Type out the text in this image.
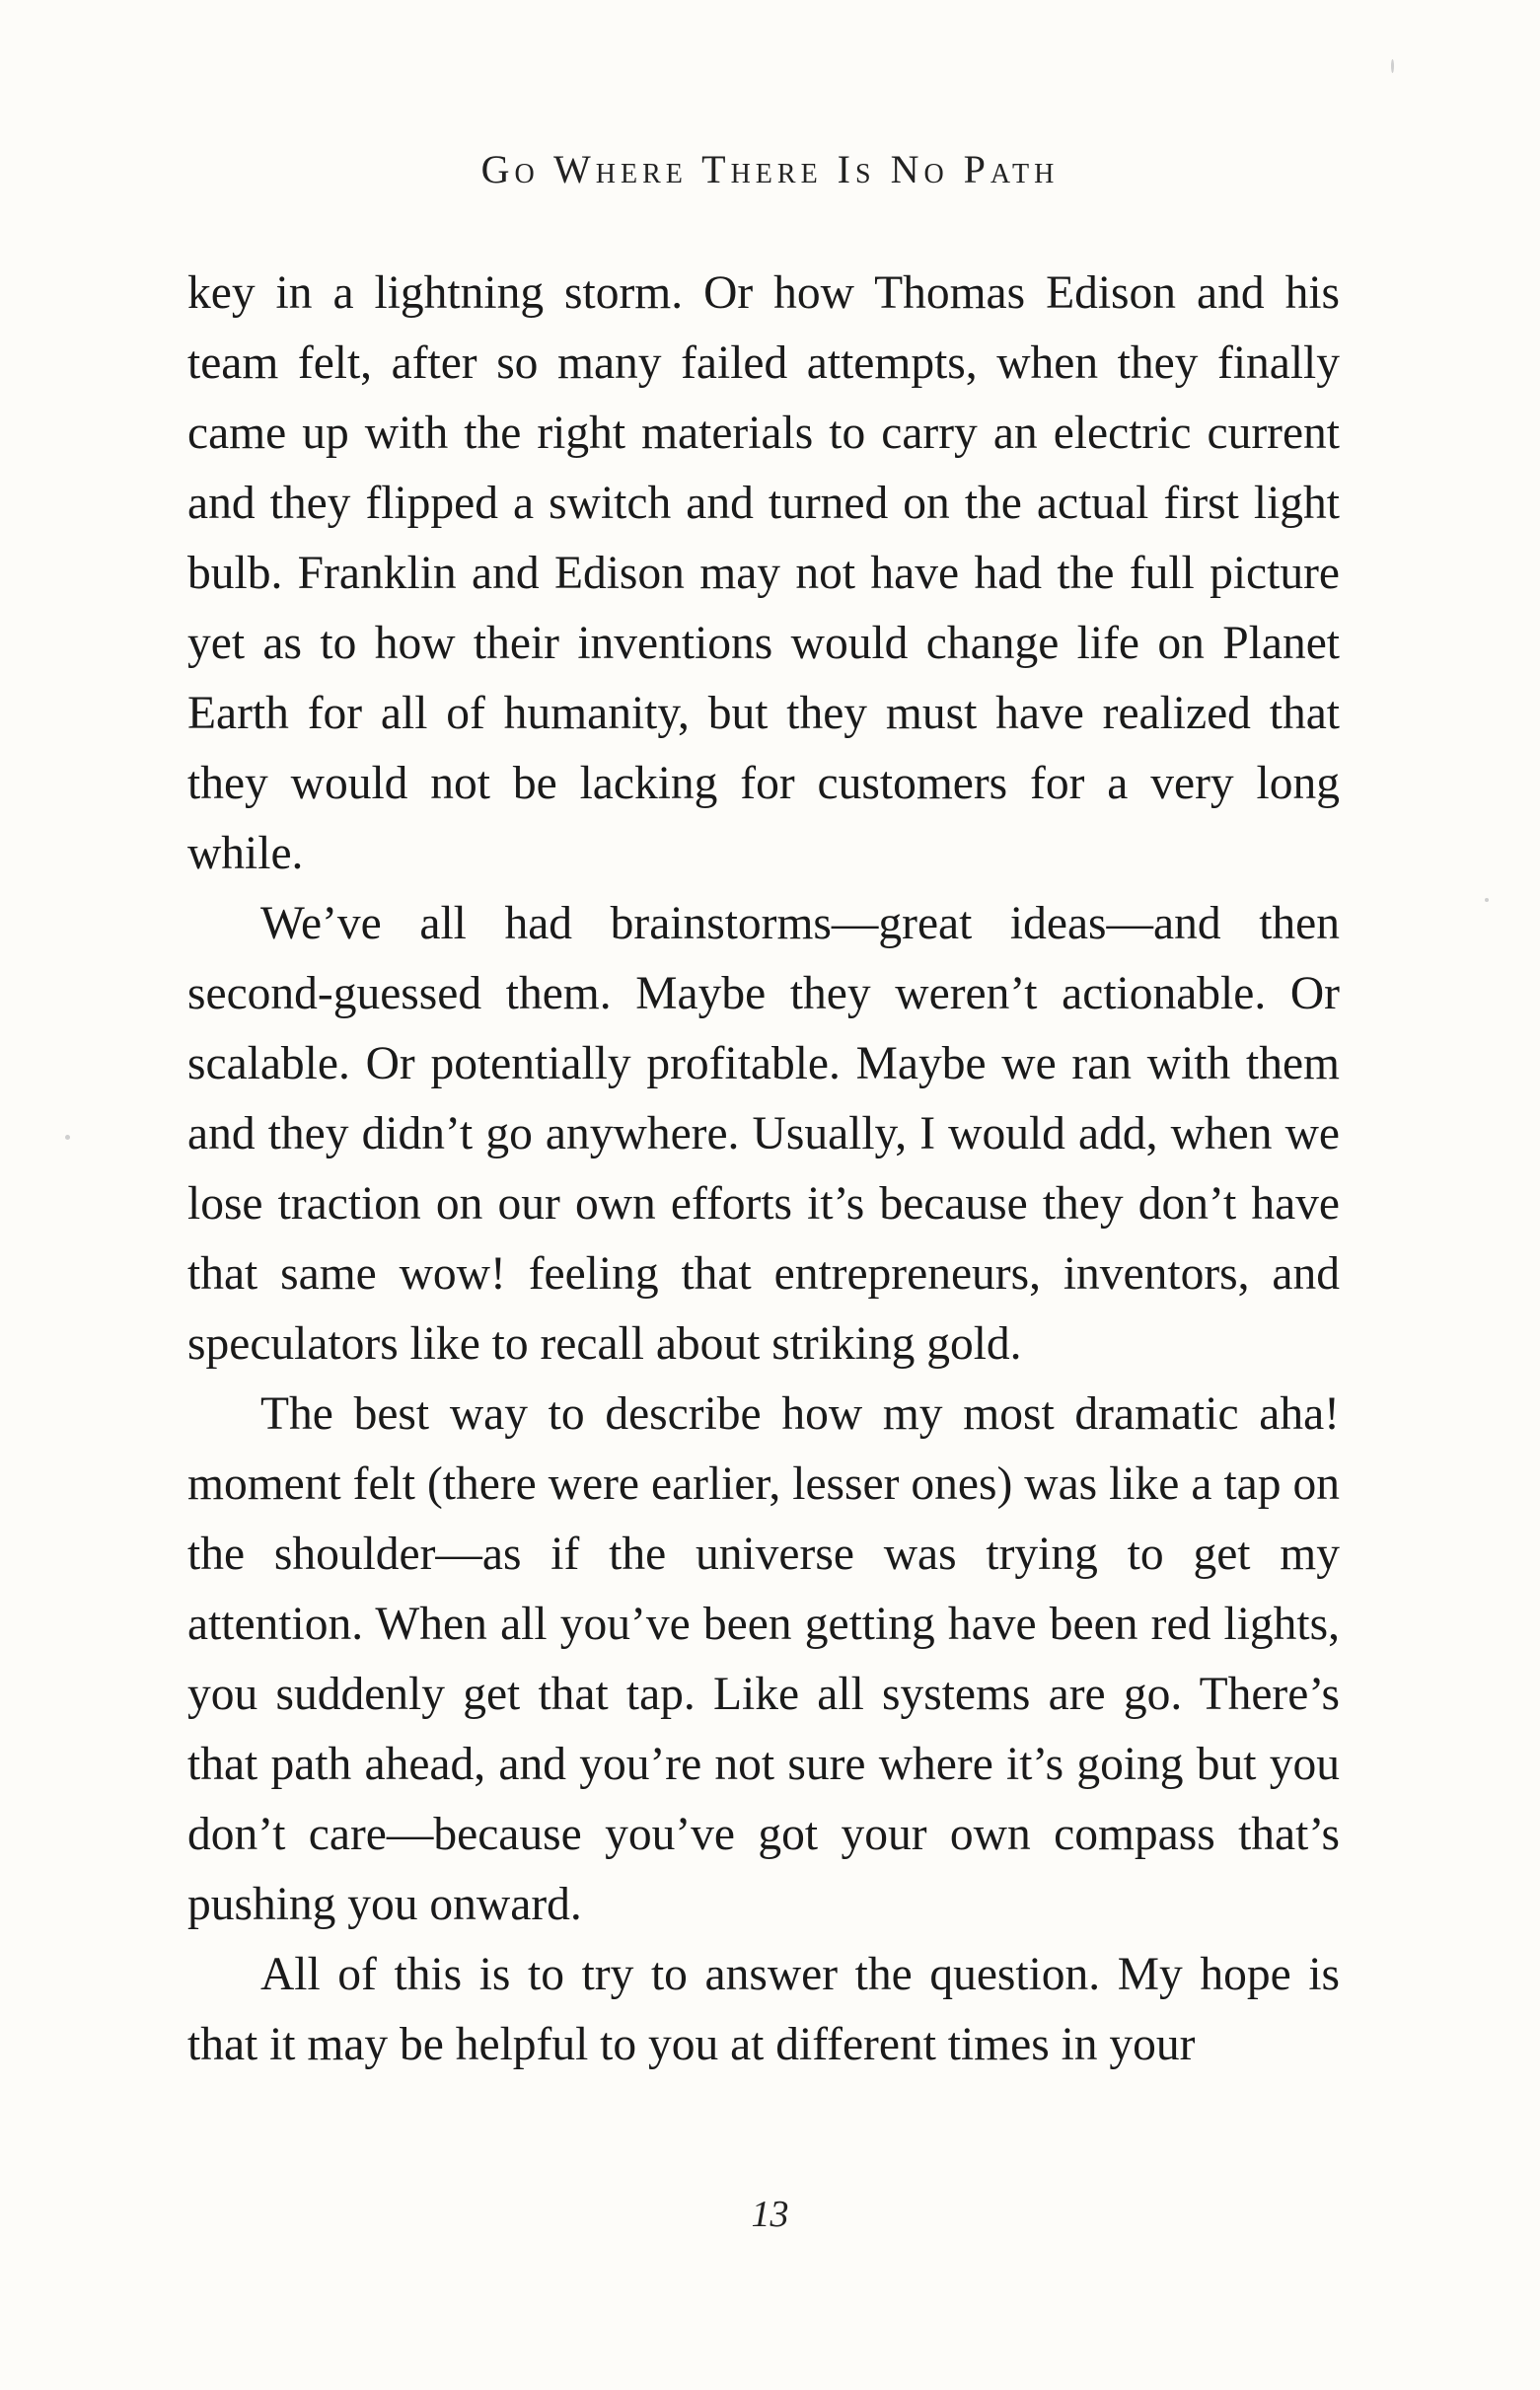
Go Where There Is No Path

key in a lightning storm. Or how Thomas Edison and his team felt, after so many failed attempts, when they finally came up with the right materials to carry an electric current and they flipped a switch and turned on the actual first light bulb. Franklin and Edison may not have had the full picture yet as to how their inventions would change life on Planet Earth for all of humanity, but they must have realized that they would not be lacking for customers for a very long while.

We’ve all had brainstorms—great ideas—and then second-guessed them. Maybe they weren’t actionable. Or scalable. Or potentially profitable. Maybe we ran with them and they didn’t go anywhere. Usually, I would add, when we lose traction on our own efforts it’s because they don’t have that same wow! feeling that entrepreneurs, inventors, and speculators like to recall about striking gold.

The best way to describe how my most dramatic aha! moment felt (there were earlier, lesser ones) was like a tap on the shoulder—as if the universe was trying to get my attention. When all you’ve been getting have been red lights, you suddenly get that tap. Like all systems are go. There’s that path ahead, and you’re not sure where it’s going but you don’t care—because you’ve got your own compass that’s pushing you onward.

All of this is to try to answer the question. My hope is that it may be helpful to you at different times in your

13
